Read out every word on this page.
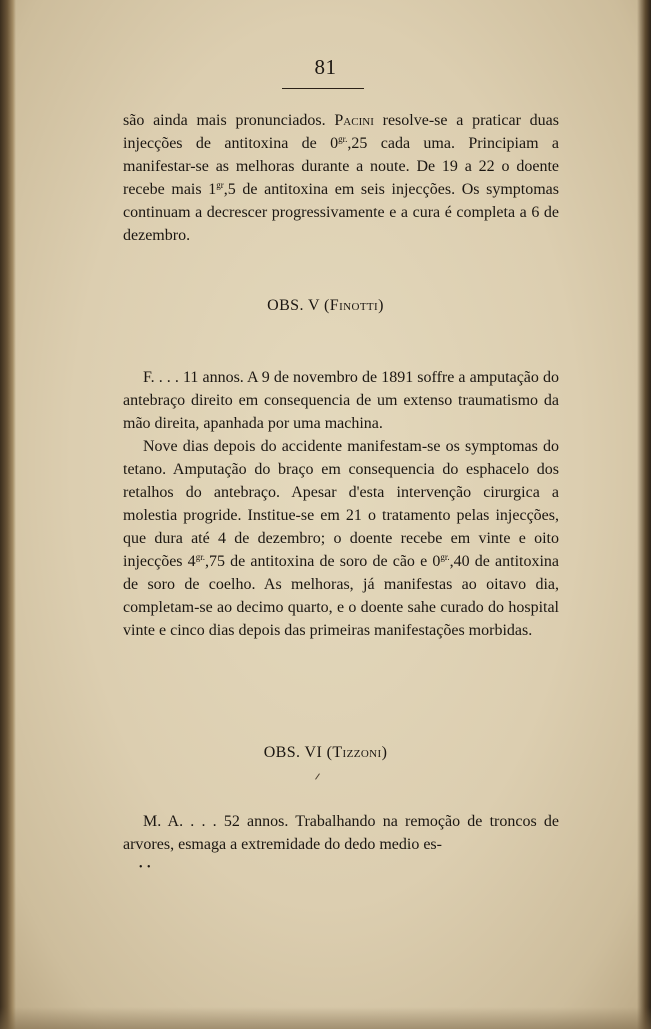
81

são ainda mais pronunciados. Pacini resolve-se a praticar duas injecções de antitoxina de $0^{gr.},25$ cada uma. Principiam a manifestar-se as melhoras durante a noute. De 19 a 22 o doente recebe mais $1^{gr},5$ de antitoxina em seis injecções. Os symptomas continuam a decrescer progressivamente e a cura é completa a 6 de dezembro.

OBS. V (Finotti)

F. . . . 11 annos. A 9 de novembro de 1891 soffre a amputação do antebraço direito em consequencia de um extenso traumatismo da mão direita, apanhada por uma machina.

Nove dias depois do accidente manifestam-se os symptomas do tetano. Amputação do braço em consequencia do esphacelo dos retalhos do antebraço. Apesar d'esta intervenção cirurgica a molestia progride. Institue-se em 21 o tratamento pelas injecções, que dura até 4 de dezembro; o doente recebe em vinte e oito injecções $4^{gr.},75$ de antitoxina de soro de cão e $0^{gr.},40$ de antitoxina de soro de coelho. As melhoras, já manifestas ao oitavo dia, completam-se ao decimo quarto, e o doente sahe curado do hospital vinte e cinco dias depois das primeiras manifestações morbidas.

OBS. VI (Tizzoni)

M. A. . . . 52 annos. Trabalhando na remoção de troncos de arvores, esmaga a extremidade do dedo medio es-

• •
